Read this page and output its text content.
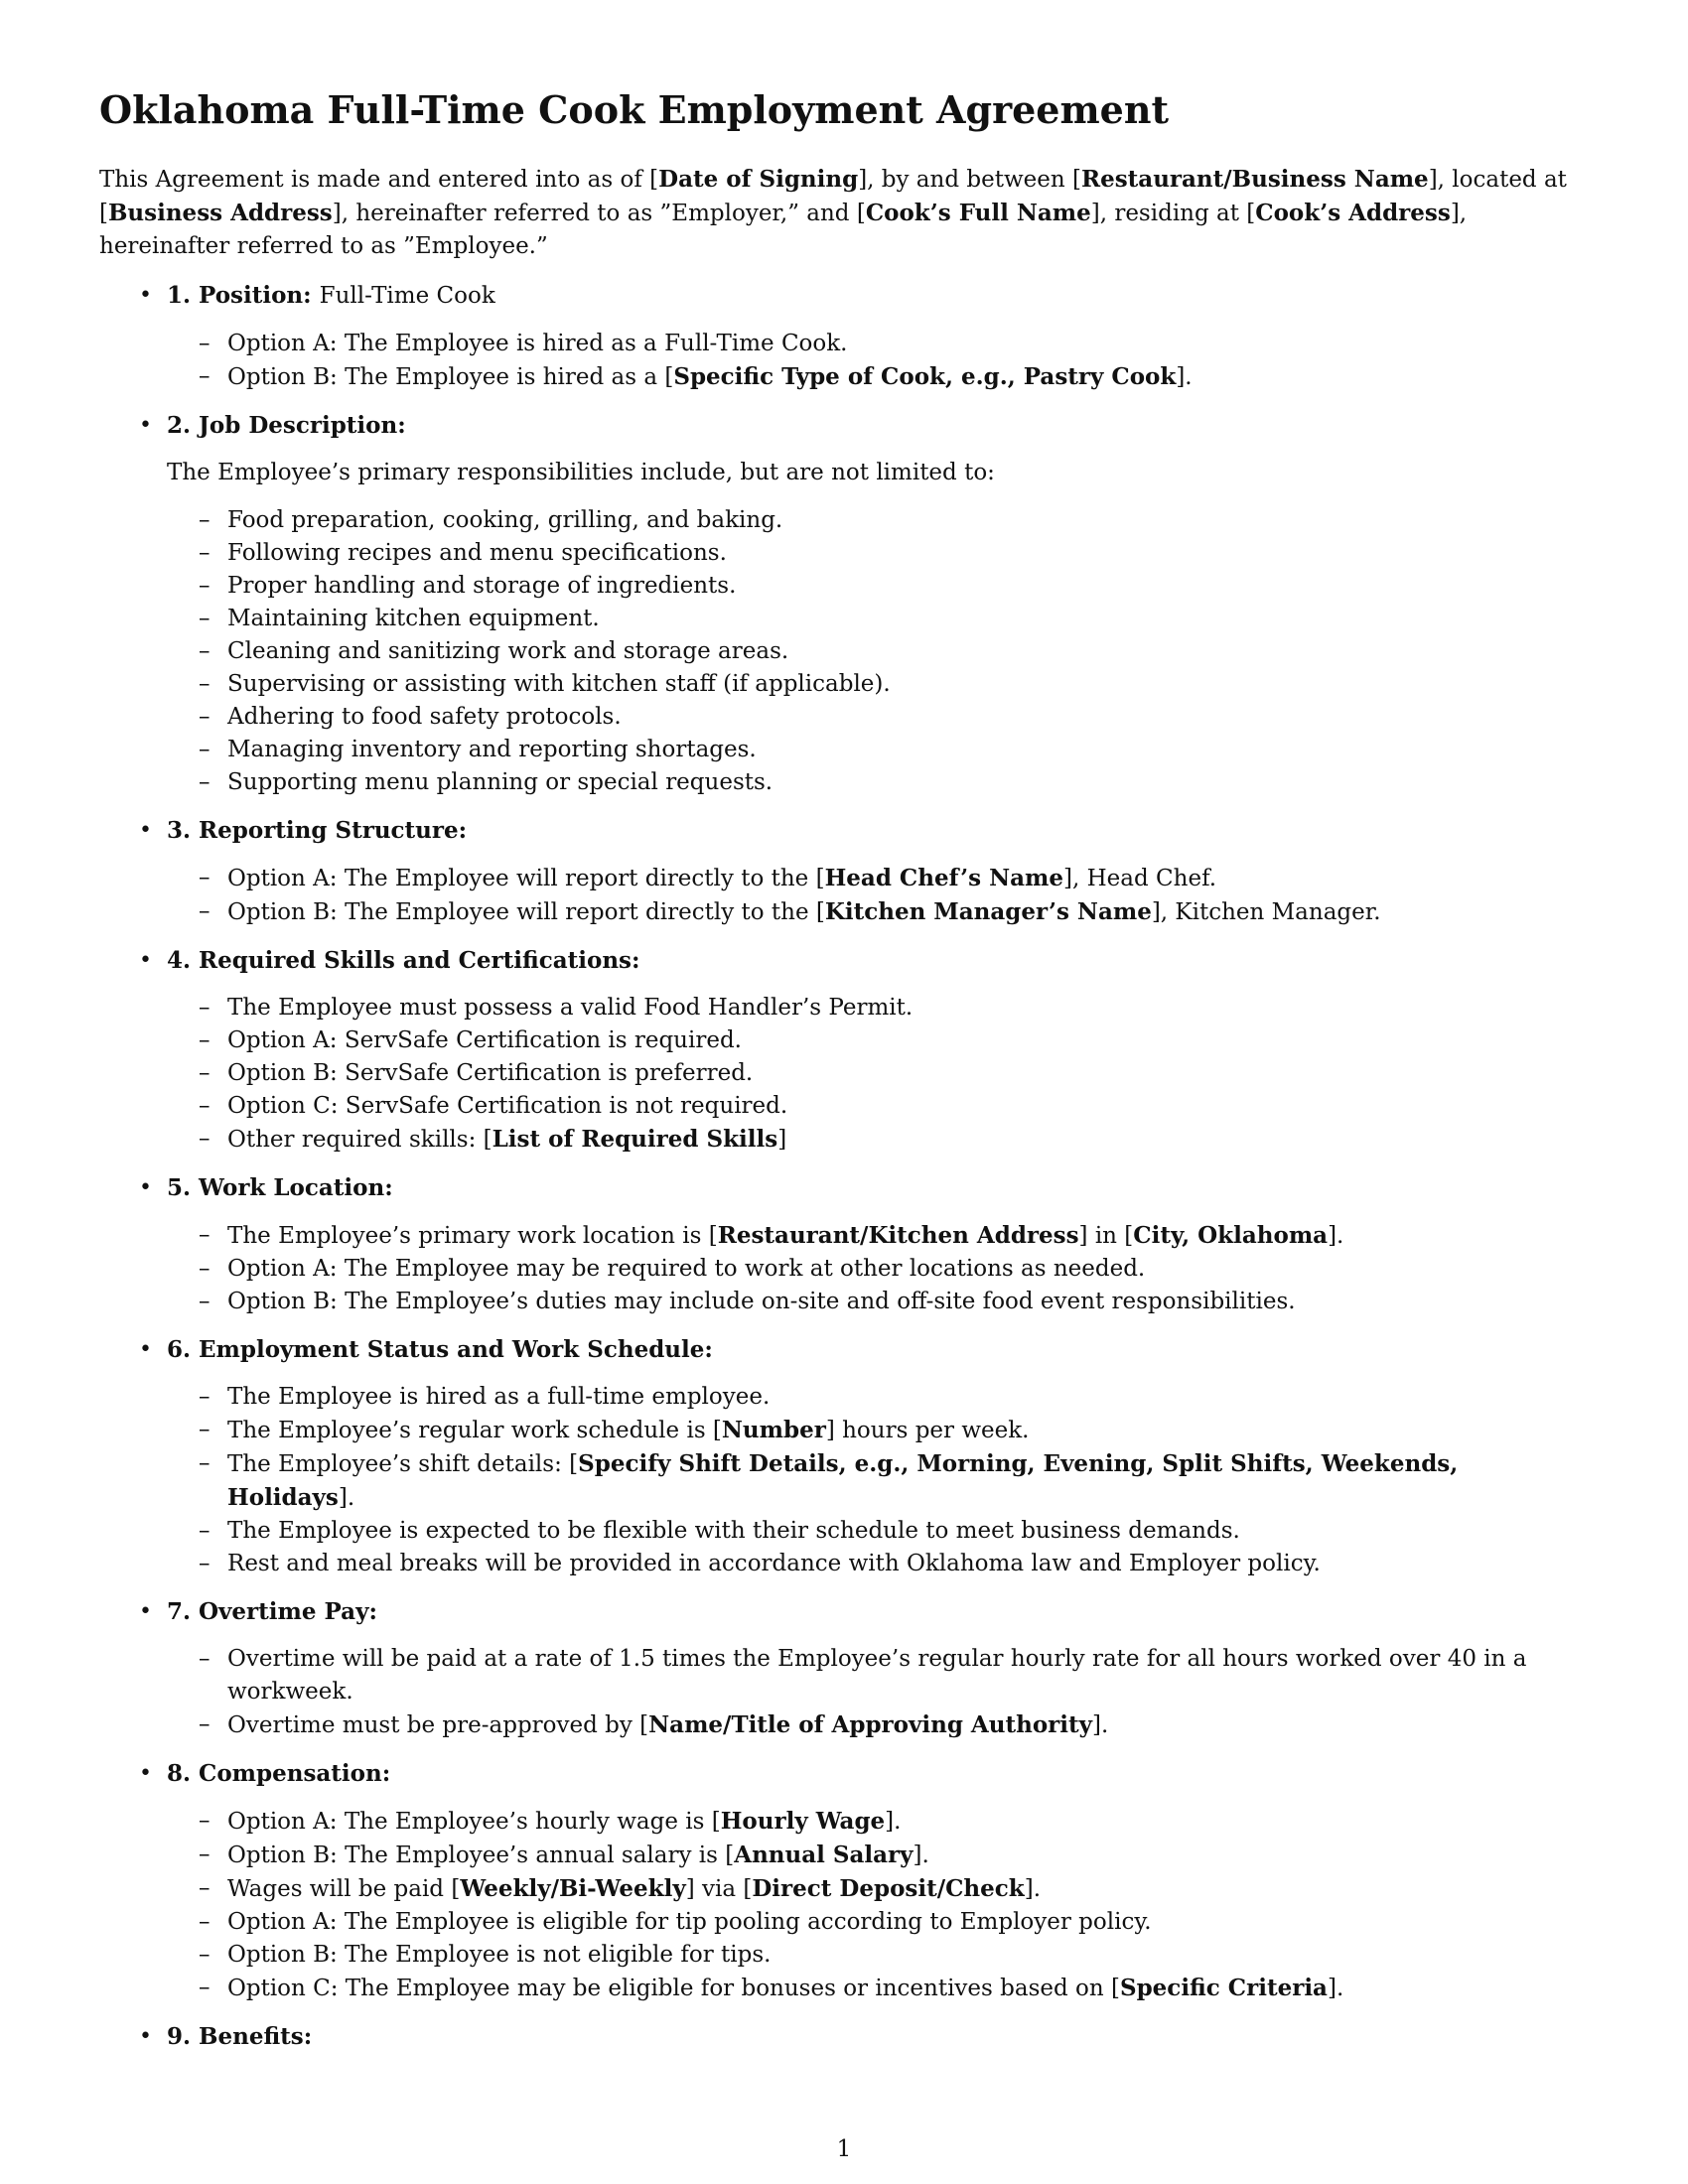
Oklahoma Full-Time Cook Employment Agreement

This Agreement is made and entered into as of [Date of Signing], by and between [Restaurant/Business Name], located at [Business Address], hereinafter referred to as ”Employer,” and [Cook’s Full Name], residing at [Cook’s Address], hereinafter referred to as ”Employee.”

• 1. Position: Full-Time Cook
– Option A: The Employee is hired as a Full-Time Cook.
– Option B: The Employee is hired as a [Specific Type of Cook, e.g., Pastry Cook].
• 2. Job Description:
The Employee’s primary responsibilities include, but are not limited to:
– Food preparation, cooking, grilling, and baking.
– Following recipes and menu specifications.
– Proper handling and storage of ingredients.
– Maintaining kitchen equipment.
– Cleaning and sanitizing work and storage areas.
– Supervising or assisting with kitchen staff (if applicable).
– Adhering to food safety protocols.
– Managing inventory and reporting shortages.
– Supporting menu planning or special requests.
• 3. Reporting Structure:
– Option A: The Employee will report directly to the [Head Chef’s Name], Head Chef.
– Option B: The Employee will report directly to the [Kitchen Manager’s Name], Kitchen Manager.
• 4. Required Skills and Certifications:
– The Employee must possess a valid Food Handler’s Permit.
– Option A: ServSafe Certification is required.
– Option B: ServSafe Certification is preferred.
– Option C: ServSafe Certification is not required.
– Other required skills: [List of Required Skills]
• 5. Work Location:
– The Employee’s primary work location is [Restaurant/Kitchen Address] in [City, Oklahoma].
– Option A: The Employee may be required to work at other locations as needed.
– Option B: The Employee’s duties may include on-site and off-site food event responsibilities.
• 6. Employment Status and Work Schedule:
– The Employee is hired as a full-time employee.
– The Employee’s regular work schedule is [Number] hours per week.
– The Employee’s shift details: [Specify Shift Details, e.g., Morning, Evening, Split Shifts, Weekends, Holidays].
– The Employee is expected to be flexible with their schedule to meet business demands.
– Rest and meal breaks will be provided in accordance with Oklahoma law and Employer policy.
• 7. Overtime Pay:
– Overtime will be paid at a rate of 1.5 times the Employee’s regular hourly rate for all hours worked over 40 in a workweek.
– Overtime must be pre-approved by [Name/Title of Approving Authority].
• 8. Compensation:
– Option A: The Employee’s hourly wage is [Hourly Wage].
– Option B: The Employee’s annual salary is [Annual Salary].
– Wages will be paid [Weekly/Bi-Weekly] via [Direct Deposit/Check].
– Option A: The Employee is eligible for tip pooling according to Employer policy.
– Option B: The Employee is not eligible for tips.
– Option C: The Employee may be eligible for bonuses or incentives based on [Specific Criteria].
• 9. Benefits:
1
